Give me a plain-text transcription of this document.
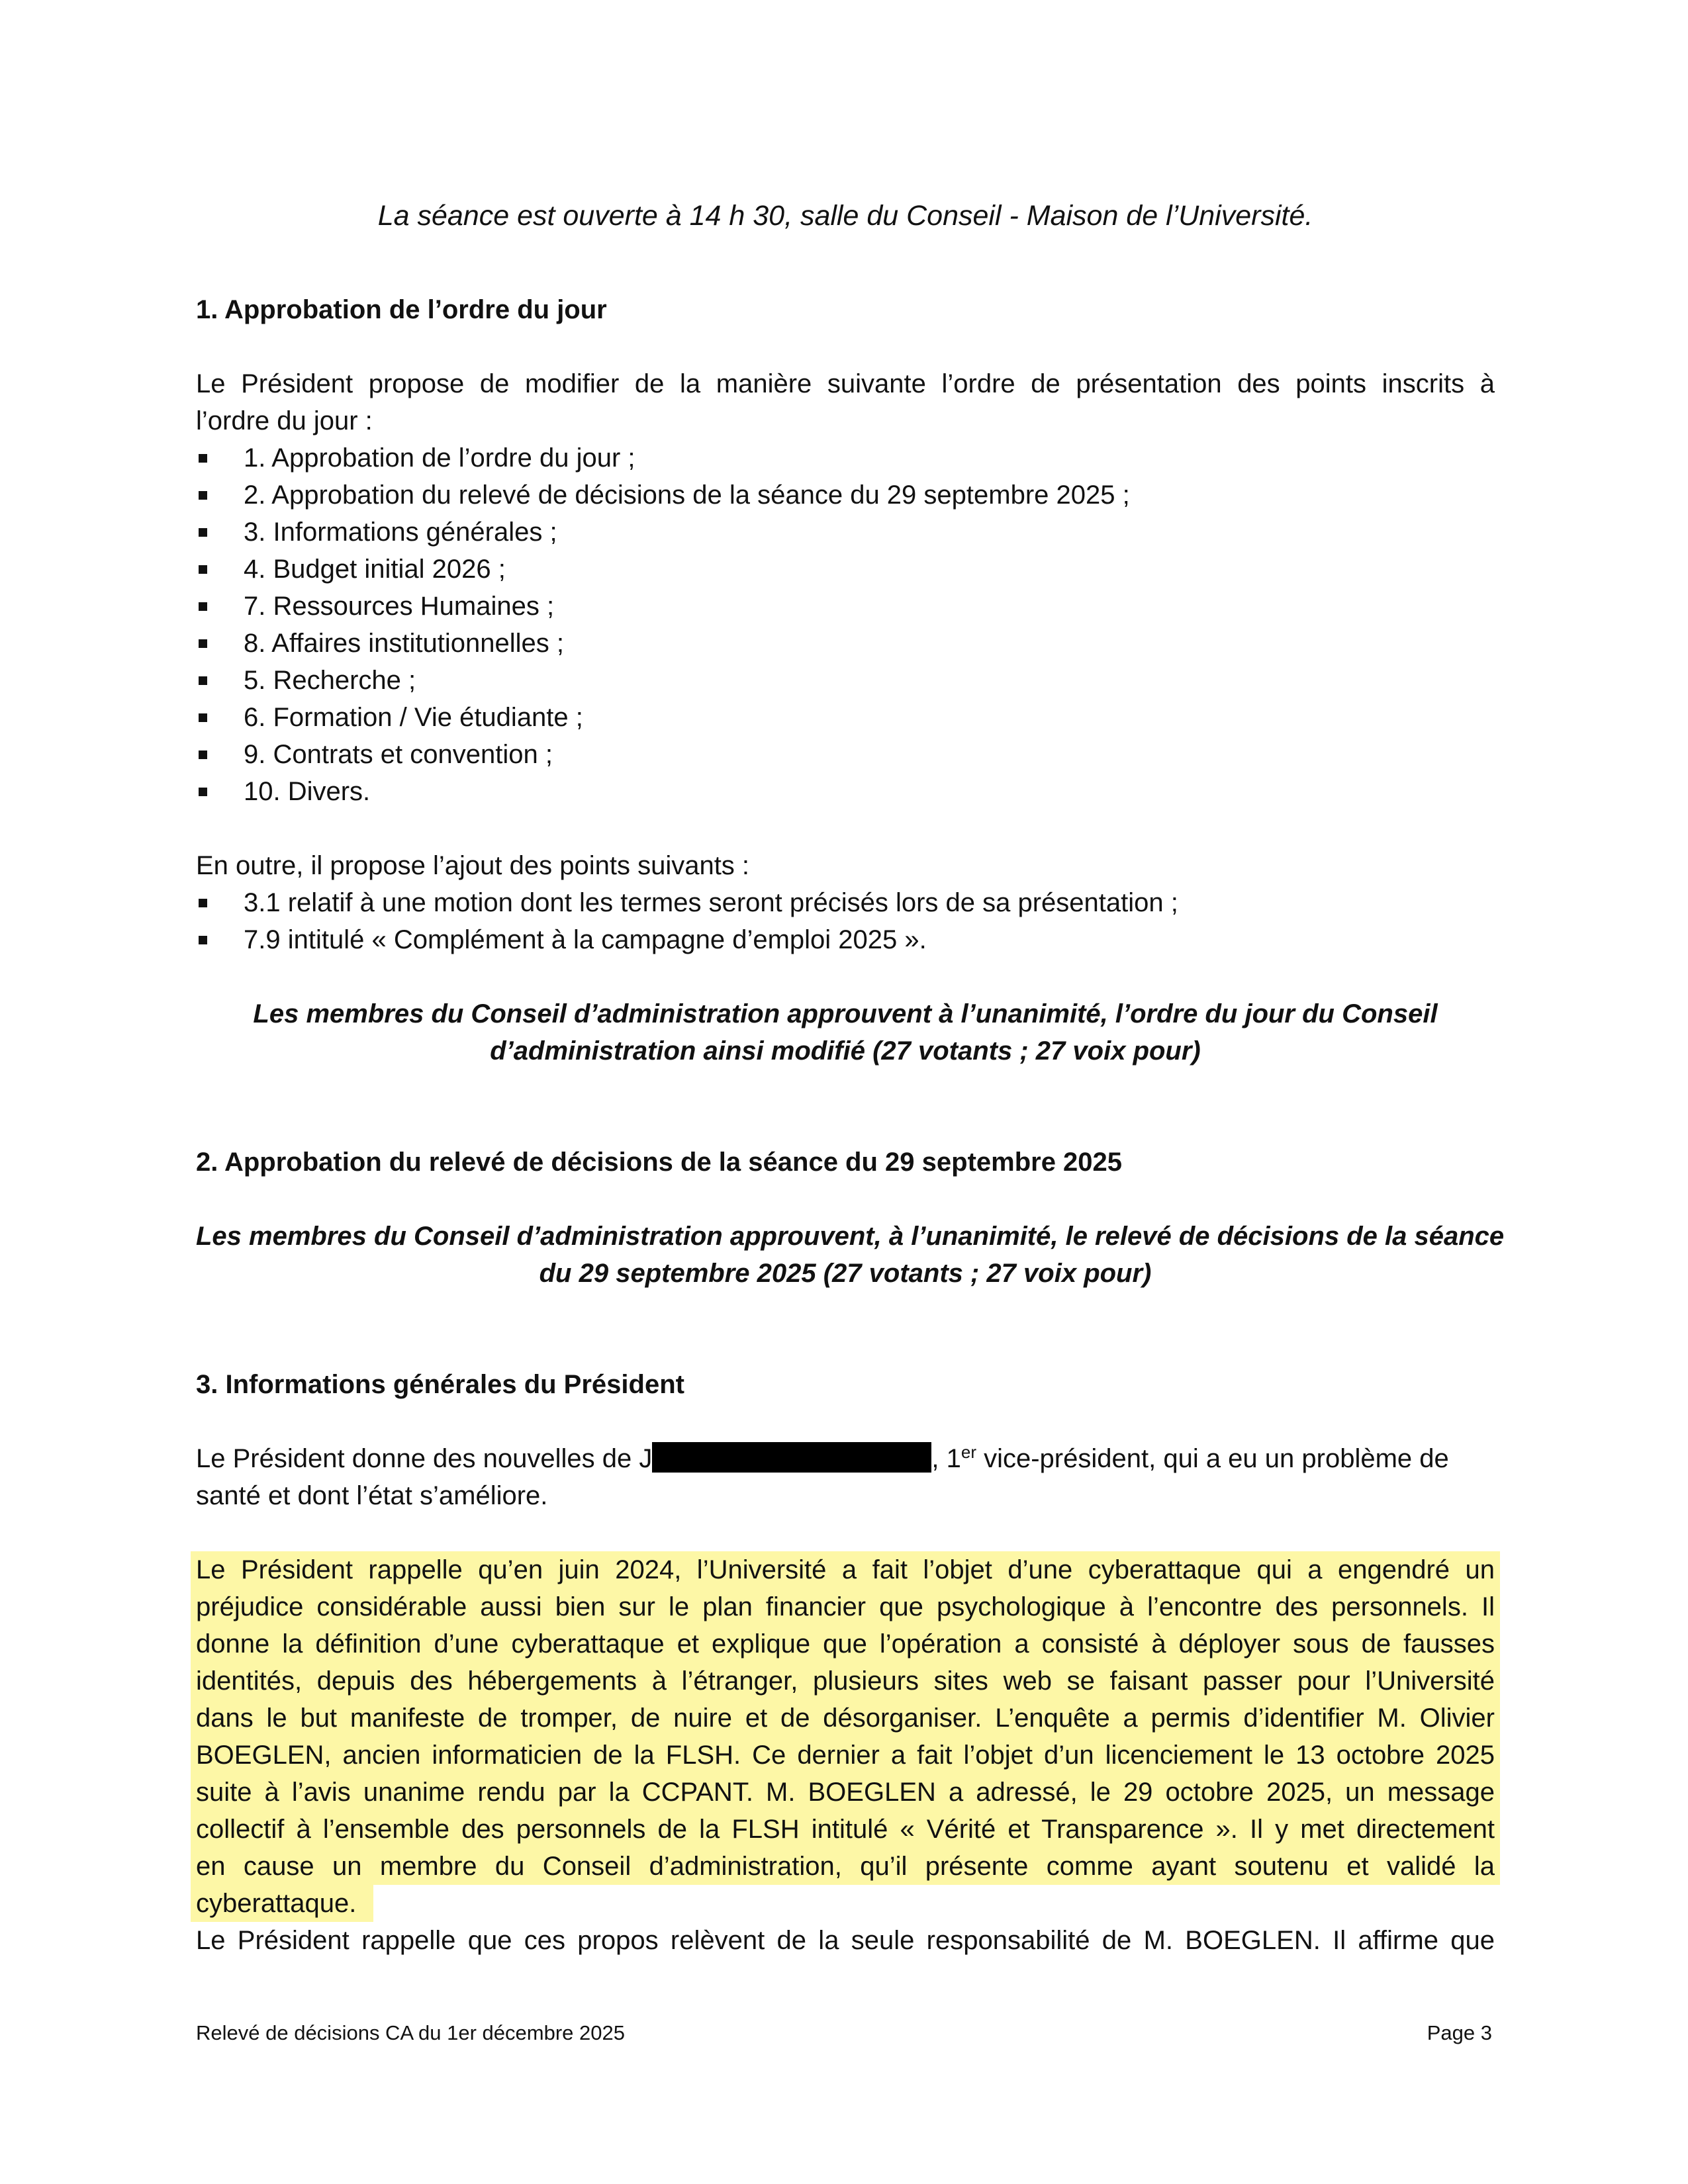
La séance est ouverte à 14 h 30, salle du Conseil - Maison de l’Université.
1. Approbation de l’ordre du jour
Le Président propose de modifier de la manière suivante l’ordre de présentation des points inscrits à
l’ordre du jour :
1. Approbation de l’ordre du jour ;
2. Approbation du relevé de décisions de la séance du 29 septembre 2025 ;
3. Informations générales ;
4. Budget initial 2026 ;
7. Ressources Humaines ;
8. Affaires institutionnelles ;
5. Recherche ;
6. Formation / Vie étudiante ;
9. Contrats et convention ;
10. Divers.
En outre, il propose l’ajout des points suivants :
3.1 relatif à une motion dont les termes seront précisés lors de sa présentation ;
7.9 intitulé « Complément à la campagne d’emploi 2025 ».
Les membres du Conseil d’administration approuvent à l’unanimité, l’ordre du jour du Conseil
d’administration ainsi modifié (27 votants ; 27 voix pour)
2. Approbation du relevé de décisions de la séance du 29 septembre 2025
Les membres du Conseil d’administration approuvent, à l’unanimité, le relevé de décisions de la séance
du 29 septembre 2025 (27 votants ; 27 voix pour)
3. Informations générales du Président
Le Président donne des nouvelles de J	, 1er vice-président, qui a eu un problème de
santé et dont l’état s’améliore.
Le Président rappelle qu’en juin 2024, l’Université a fait l’objet d’une cyberattaque qui a engendré un
préjudice considérable aussi bien sur le plan financier que psychologique à l’encontre des personnels. Il
donne la définition d’une cyberattaque et explique que l’opération a consisté à déployer sous de fausses
identités, depuis des hébergements à l’étranger, plusieurs sites web se faisant passer pour l’Université
dans le but manifeste de tromper, de nuire et de désorganiser. L’enquête a permis d’identifier M. Olivier
BOEGLEN, ancien informaticien de la FLSH. Ce dernier a fait l’objet d’un licenciement le 13 octobre 2025
suite à l’avis unanime rendu par la CCPANT. M. BOEGLEN a adressé, le 29 octobre 2025, un message
collectif à l’ensemble des personnels de la FLSH intitulé « Vérité et Transparence ». Il y met directement
en cause un membre du Conseil d’administration, qu’il présente comme ayant soutenu et validé la
cyberattaque.
Le Président rappelle que ces propos relèvent de la seule responsabilité de M. BOEGLEN. Il affirme que
Relevé de décisions CA du 1er décembre 2025	Page 3
